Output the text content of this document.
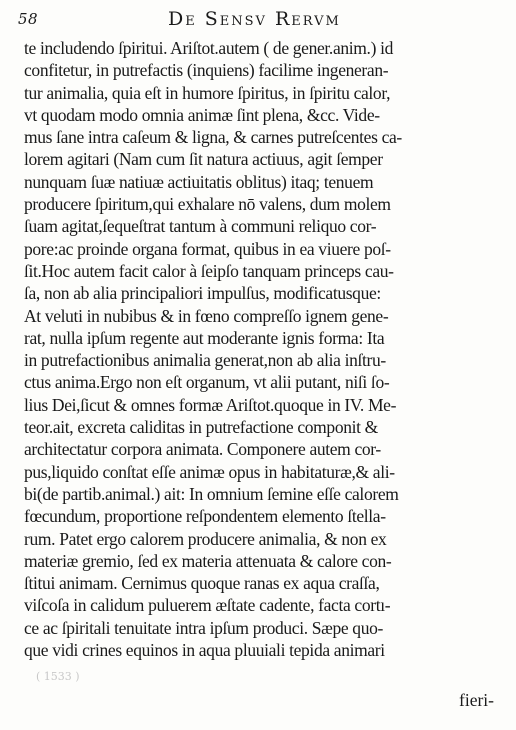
58	De Sensv Rervm
te includendo ſpiritui. Ariſtot.autem ( de gener.anim.) id
confitetur, in putrefactis (inquiens) facilime ingeneran-
tur animalia, quia eſt in humore ſpiritus, in ſpiritu calor,
vt quodam modo omnia animæ ſint plena, &cc. Vide-
mus ſane intra caſeum & ligna, & carnes putreſcentes ca-
lorem agitari (Nam cum ſit natura actiuus, agit ſemper
nunquam ſuæ natiuæ actiuitatis oblitus) itaq; tenuem
producere ſpiritum,qui exhalare nō valens, dum molem
ſuam agitat,ſequeſtrat tantum à communi reliquo cor-
pore:ac proinde organa format, quibus in ea viuere poſ-
ſit.Hoc autem facit calor à ſeipſo tanquam princeps cau-
ſa, non ab alia principaliori impulſus, modificatusque:
At veluti in nubibus & in fœno compreſſo ignem gene-
rat, nulla ipſum regente aut moderante ignis forma: Ita
in putrefactionibus animalia generat,non ab alia inſtru-
ctus anima.Ergo non eſt organum, vt alii putant, niſi ſo-
lius Dei,ſicut & omnes formæ Ariſtot.quoque in IV. Me-
teor.ait, excreta caliditas in putrefactione componit &
architectatur corpora animata. Componere autem cor-
pus,liquido conſtat eſſe animæ opus in habitaturæ,& ali-
bi(de partib.animal.) ait: In omnium ſemine eſſe calorem
fœcundum, proportione reſpondentem elemento ſtella-
rum. Patet ergo calorem producere animalia, & non ex
materiæ gremio, ſed ex materia attenuata & calore con-
ſtitui animam. Cernimus quoque ranas ex aqua craſſa,
viſcoſa in calidum puluerem æſtate cadente, facta cortı-
ce ac ſpiritali tenuitate intra ipſum produci. Sæpe quo-
que vidi crines equinos in aqua pluuiali tepida animari
( 1533 )
fieri-
